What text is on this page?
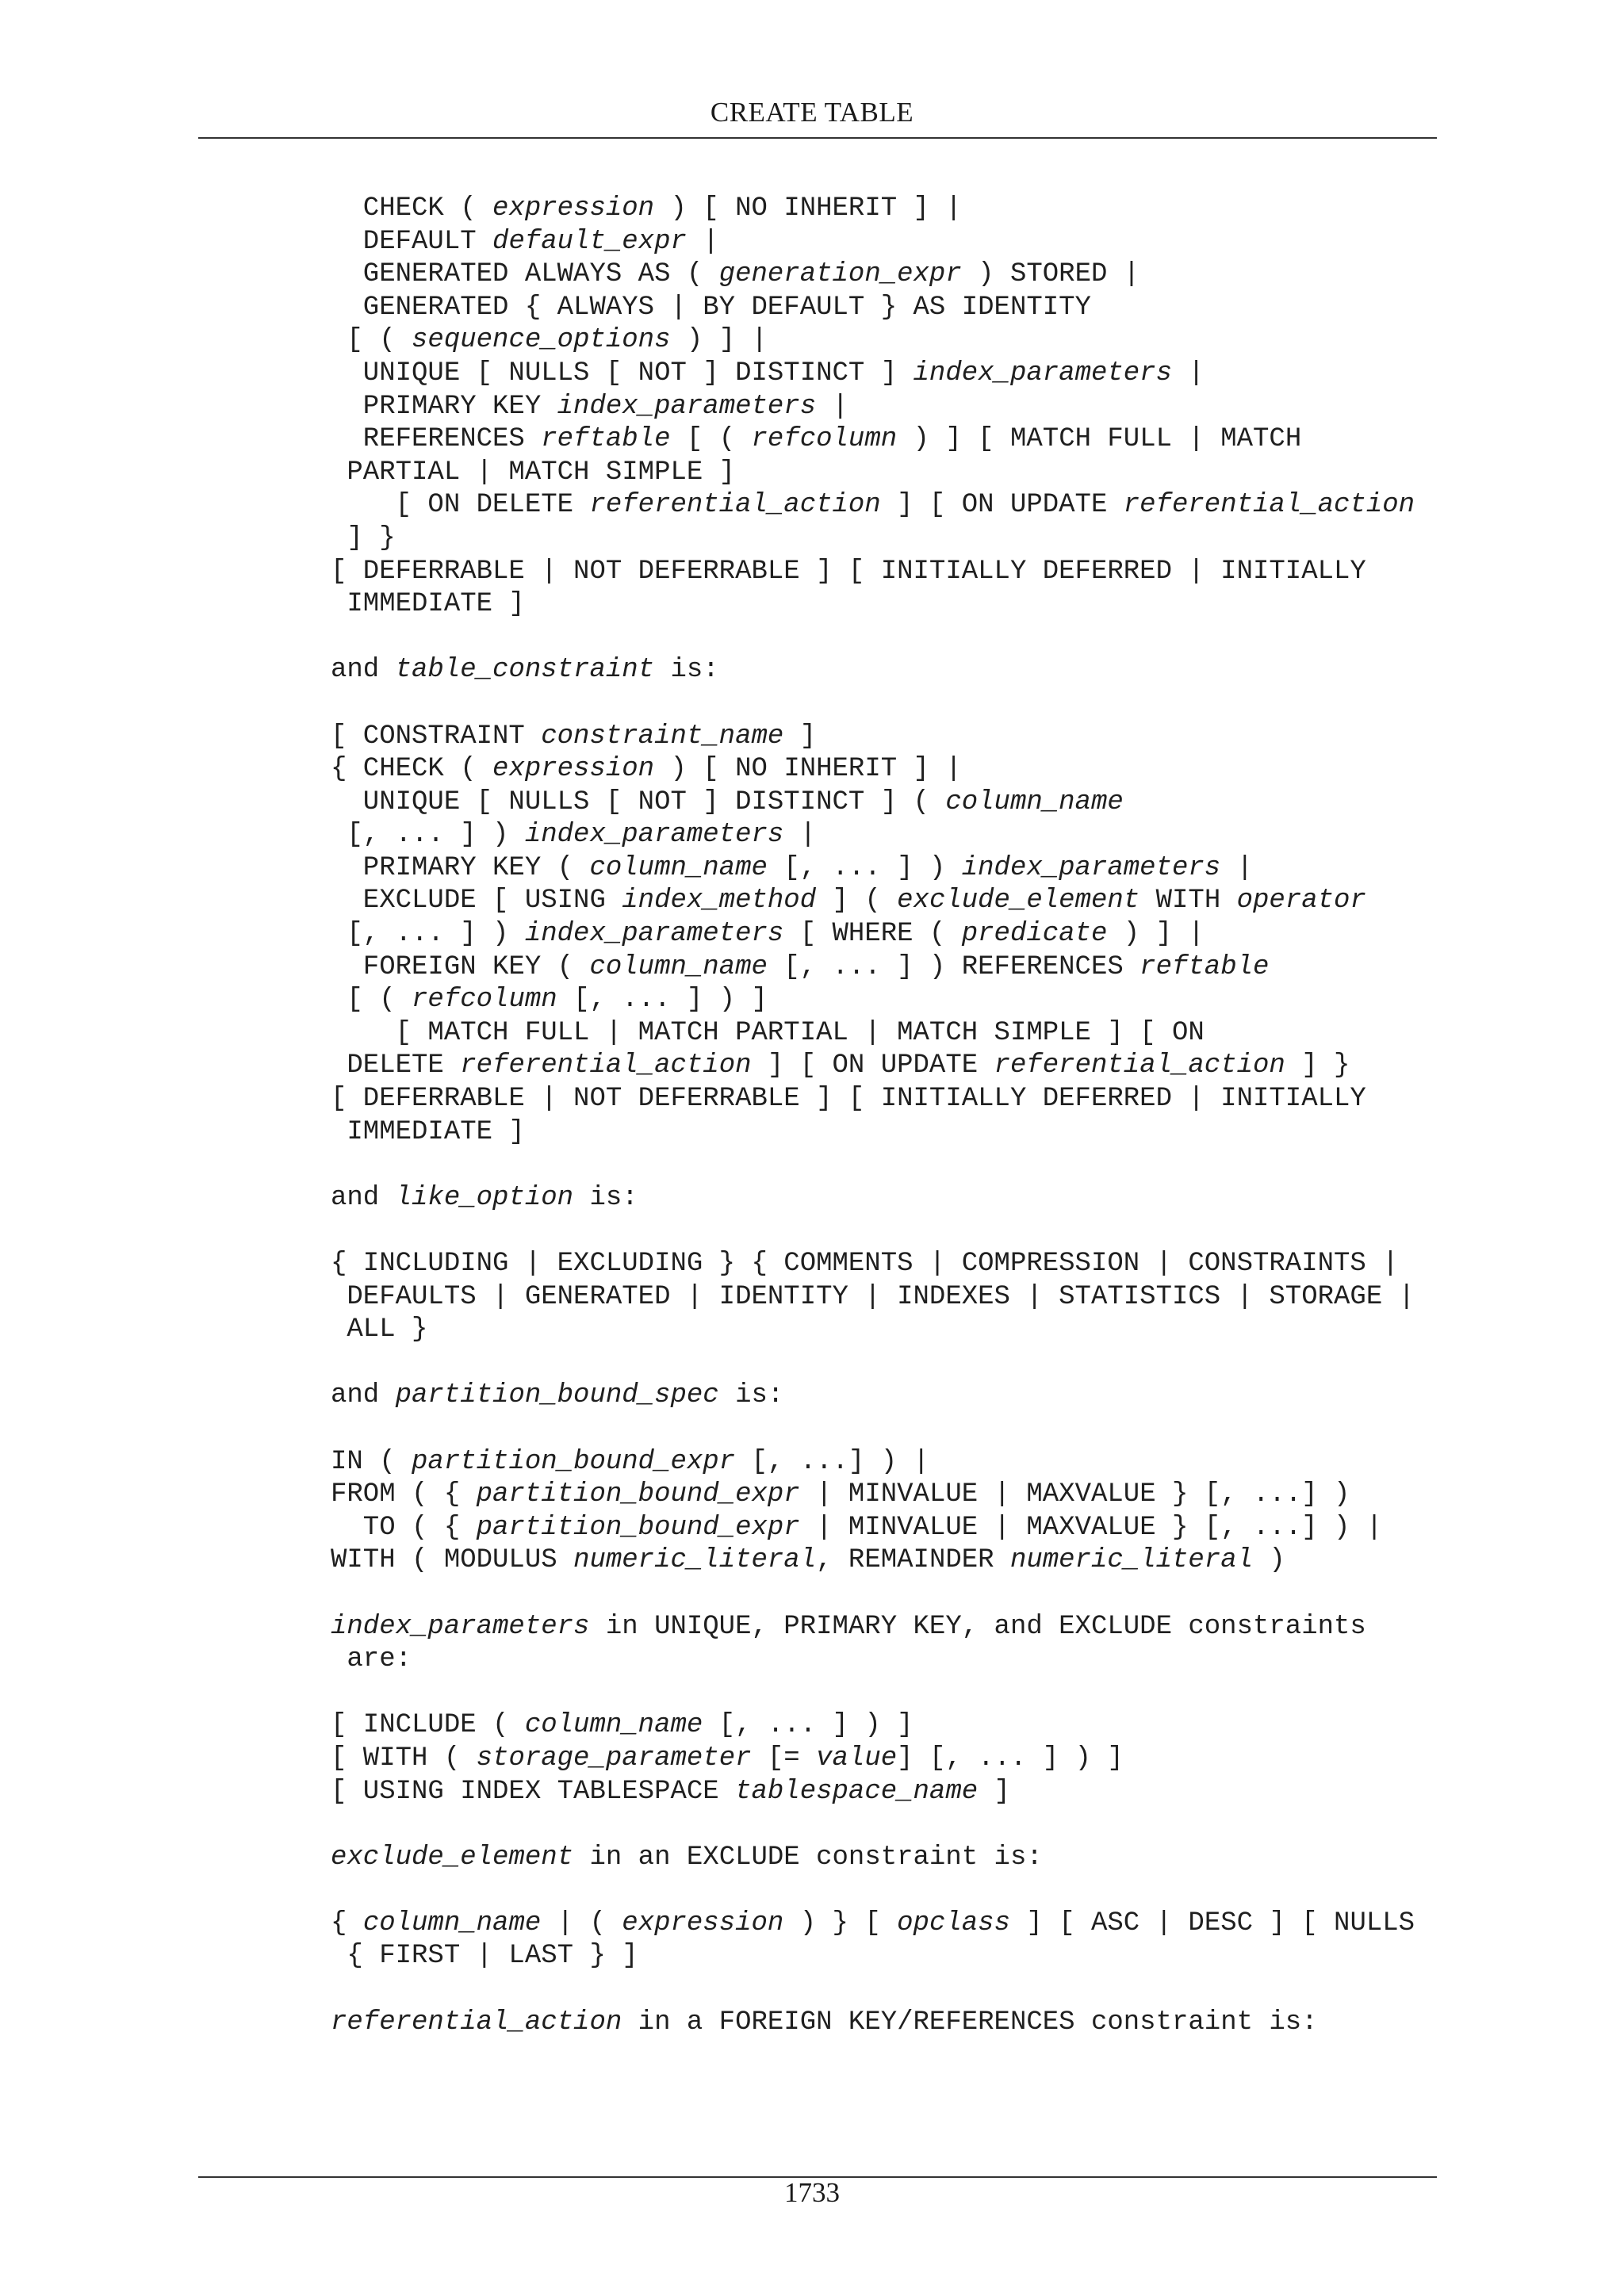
CREATE TABLE
CHECK ( expression ) [ NO INHERIT ] |
DEFAULT default_expr |
GENERATED ALWAYS AS ( generation_expr ) STORED |
GENERATED { ALWAYS | BY DEFAULT } AS IDENTITY
[ ( sequence_options ) ] |
UNIQUE [ NULLS [ NOT ] DISTINCT ] index_parameters |
PRIMARY KEY index_parameters |
REFERENCES reftable [ ( refcolumn ) ] [ MATCH FULL | MATCH
PARTIAL | MATCH SIMPLE ]
[ ON DELETE referential_action ] [ ON UPDATE referential_action
] }
[ DEFERRABLE | NOT DEFERRABLE ] [ INITIALLY DEFERRED | INITIALLY
IMMEDIATE ]
and table_constraint is:
[ CONSTRAINT constraint_name ]
{ CHECK ( expression ) [ NO INHERIT ] |
UNIQUE [ NULLS [ NOT ] DISTINCT ] ( column_name
[, ... ] ) index_parameters |
PRIMARY KEY ( column_name [, ... ] ) index_parameters |
EXCLUDE [ USING index_method ] ( exclude_element WITH operator
[, ... ] ) index_parameters [ WHERE ( predicate ) ] |
FOREIGN KEY ( column_name [, ... ] ) REFERENCES reftable
[ ( refcolumn [, ... ] ) ]
[ MATCH FULL | MATCH PARTIAL | MATCH SIMPLE ] [ ON
DELETE referential_action ] [ ON UPDATE referential_action ] }
[ DEFERRABLE | NOT DEFERRABLE ] [ INITIALLY DEFERRED | INITIALLY
IMMEDIATE ]
and like_option is:
{ INCLUDING | EXCLUDING } { COMMENTS | COMPRESSION | CONSTRAINTS |
DEFAULTS | GENERATED | IDENTITY | INDEXES | STATISTICS | STORAGE |
ALL }
and partition_bound_spec is:
IN ( partition_bound_expr [, ...] ) |
FROM ( { partition_bound_expr | MINVALUE | MAXVALUE } [, ...] )
TO ( { partition_bound_expr | MINVALUE | MAXVALUE } [, ...] ) |
WITH ( MODULUS numeric_literal, REMAINDER numeric_literal )
index_parameters in UNIQUE, PRIMARY KEY, and EXCLUDE constraints
are:
[ INCLUDE ( column_name [, ... ] ) ]
[ WITH ( storage_parameter [= value] [, ... ] ) ]
[ USING INDEX TABLESPACE tablespace_name ]
exclude_element in an EXCLUDE constraint is:
{ column_name | ( expression ) } [ opclass ] [ ASC | DESC ] [ NULLS
{ FIRST | LAST } ]
referential_action in a FOREIGN KEY/REFERENCES constraint is:
1733
